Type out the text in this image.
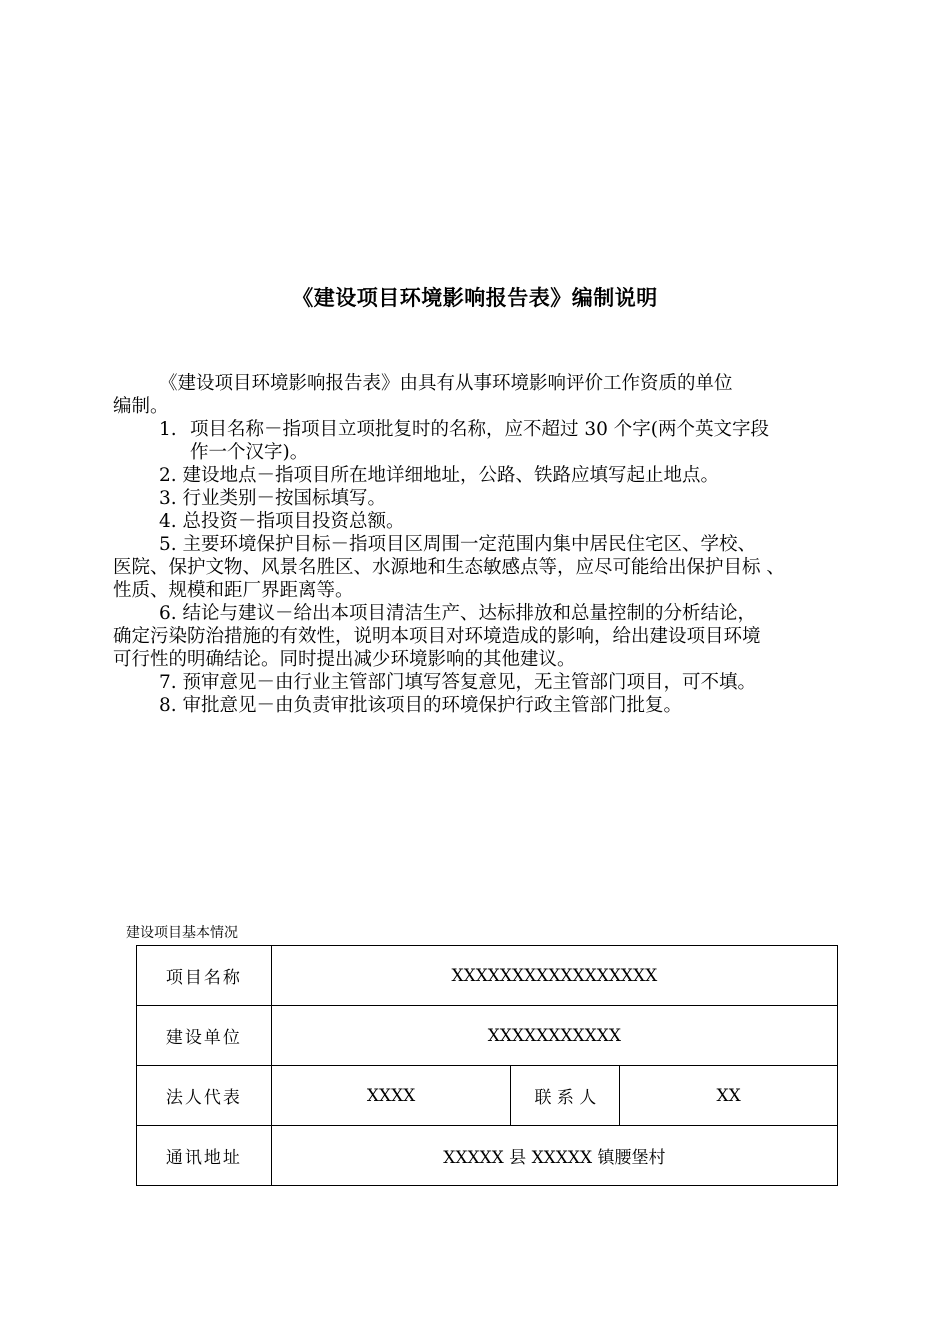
《建设项目环境影响报告表》编制说明

《建设项目环境影响报告表》由具有从事环境影响评价工作资质的单位

编制。

1. 项目名称－指项目立项批复时的名称，应不超过 30 个字(两个英文字段
作一个汉字)。

2. 建设地点－指项目所在地详细地址，公路、铁路应填写起止地点。

3. 行业类别－按国标填写。

4. 总投资－指项目投资总额。

5. 主要环境保护目标－指项目区周围一定范围内集中居民住宅区、学校、

医院、保护文物、风景名胜区、水源地和生态敏感点等，应尽可能给出保护目标 、

性质、规模和距厂界距离等。

6. 结论与建议－给出本项目清洁生产、达标排放和总量控制的分析结论，

确定污染防治措施的有效性，说明本项目对环境造成的影响，给出建设项目环境

可行性的明确结论。同时提出减少环境影响的其他建议。

7. 预审意见－由行业主管部门填写答复意见，无主管部门项目，可不填。

8. 审批意见－由负责审批该项目的环境保护行政主管部门批复。

建设项目基本情况
项目名称	XXXXXXXXXXXXXXXXX		
建设单位	XXXXXXXXXXX		
法人代表	XXXX	联 系 人	XX
通讯地址	XXXXX 县 XXXXX 镇腰堡村		
